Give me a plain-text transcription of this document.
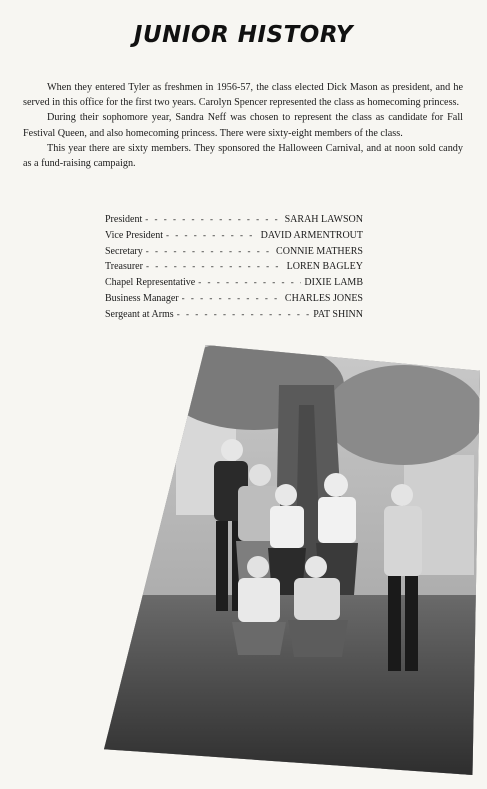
JUNIOR HISTORY

When they entered Tyler as freshmen in 1956-57, the class elected Dick Mason as president, and he served in this office for the first two years. Carolyn Spencer represented the class as homecoming princess.

During their sophomore year, Sandra Neff was chosen to represent the class as candidate for Fall Festival Queen, and also homecoming princess. There were sixty-eight members of the class.

This year there are sixty members. They sponsored the Halloween Carnival, and at noon sold candy as a fund-raising campaign.

President - - -	SARAH LAWSON
Vice President - - -	DAVID ARMENTROUT
Secretary - - -	CONNIE MATHERS
Treasurer - - -	LOREN BAGLEY
Chapel Representative - - -	DIXIE LAMB
Business Manager - - -	CHARLES JONES
Sergeant at Arms - - -	PAT SHINN
